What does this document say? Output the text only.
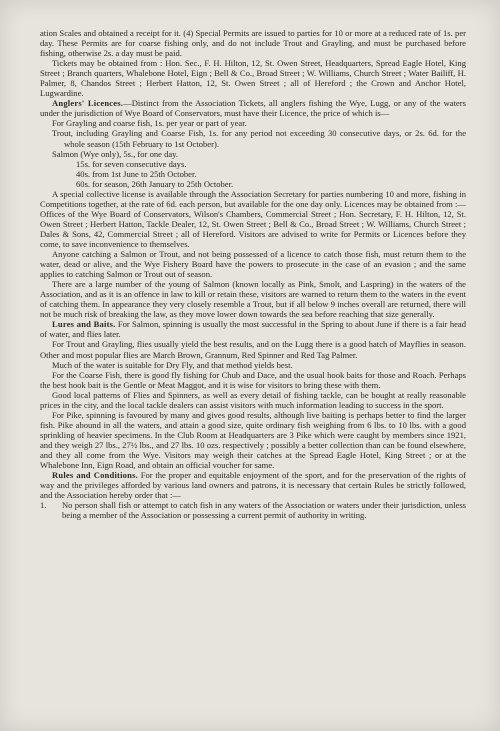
ation Scales and obtained a receipt for it. (4) Special Permits are issued to parties for 10 or more at a reduced rate of 1s. per day. These Permits are for coarse fishing only, and do not include Trout and Grayling, and must be purchased before fishing, otherwise 2s. a day must be paid.

Tickets may be obtained from : Hon. Sec., F. H. Hilton, 12, St. Owen Street, Headquarters, Spread Eagle Hotel, King Street ; Branch quarters, Whalebone Hotel, Eign ; Bell & Co., Broad Street ; W. Williams, Church Street ; Water Bailiff, H. Palmer, 8, Chandos Street ; Herbert Hatton, 12, St. Owen Street ; all of Hereford ; the Crown and Anchor Hotel, Lugwardine.

Anglers' Licences.—Distinct from the Association Tickets, all anglers fishing the Wye, Lugg, or any of the waters under the jurisdiction of Wye Board of Conservators, must have their Licence, the price of which is—

For Grayling and coarse fish, 1s. per year or part of year.

Trout, including Grayling and Coarse Fish, 1s. for any period not exceeding 30 consecutive days, or 2s. 6d. for the whole season (15th February to 1st October).

Salmon (Wye only), 5s., for one day.

15s. for seven consecutive days.

40s. from 1st June to 25th October.

60s. for season, 26th January to 25th October.

A special collective license is available through the Association Secretary for parties numbering 10 and more, fishing in Competitions together, at the rate of 6d. each person, but available for the one day only. Licences may be obtained from :—Offices of the Wye Board of Conservators, Wilson's Chambers, Commercial Street ; Hon. Secretary, F. H. Hilton, 12, St. Owen Street ; Herbert Hatton, Tackle Dealer, 12, St. Owen Street ; Bell & Co., Broad Street ; W. Williams, Church Street ; Dales & Sons, 42, Commercial Street ; all of Hereford. Visitors are advised to write for Permits or Licences before they come, to save inconvenience to themselves.

Anyone catching a Salmon or Trout, and not being possessed of a licence to catch those fish, must return them to the water, dead or alive, and the Wye Fishery Board have the powers to prosecute in the case of an evasion ; and the same applies to catching Salmon or Trout out of season.

There are a large number of the young of Salmon (known locally as Pink, Smolt, and Laspring) in the waters of the Association, and as it is an offence in law to kill or retain these, visitors are warned to return them to the waters in the event of catching them. In appearance they very closely resemble a Trout, but if all below 9 inches overall are returned, there will not be much risk of breaking the law, as they move lower down towards the sea before reaching that size generally.

Lures and Baits. For Salmon, spinning is usually the most successful in the Spring to about June if there is a fair head of water, and flies later.

For Trout and Grayling, flies usually yield the best results, and on the Lugg there is a good hatch of Mayflies in season. Other and most popular flies are March Brown, Grannum, Red Spinner and Red Tag Palmer.

Much of the water is suitable for Dry Fly, and that method yields best.

For the Coarse Fish, there is good fly fishing for Chub and Dace, and the usual hook baits for those and Roach. Perhaps the best hook bait is the Gentle or Meat Maggot, and it is wise for visitors to bring these with them.

Good local patterns of Flies and Spinners, as well as every detail of fishing tackle, can be bought at really reasonable prices in the city, and the local tackle dealers can assist visitors with much information leading to success in the sport.

For Pike, spinning is favoured by many and gives good results, although live baiting is perhaps better to find the larger fish. Pike abound in all the waters, and attain a good size, quite ordinary fish weighing from 6 lbs. to 10 lbs. with a good sprinkling of heavier specimens. In the Club Room at Headquarters are 3 Pike which were caught by members since 1921, and they weigh 27 lbs., 27½ lbs., and 27 lbs. 10 ozs. respectively ; possibly a better collection than can be found elsewhere, and they all come from the Wye. Visitors may weigh their catches at the Spread Eagle Hotel, King Street ; or at the Whalebone Inn, Eign Road, and obtain an official voucher for same.

Rules and Conditions. For the proper and equitable enjoyment of the sport, and for the preservation of the rights of way and the privileges afforded by various land owners and patrons, it is necessary that certain Rules be strictly followed, and the Association hereby order that :—

1.	No person shall fish or attempt to catch fish in any waters of the Association or waters under their jurisdiction, unless being a member of the Association or possessing a current permit of authority in writing.
